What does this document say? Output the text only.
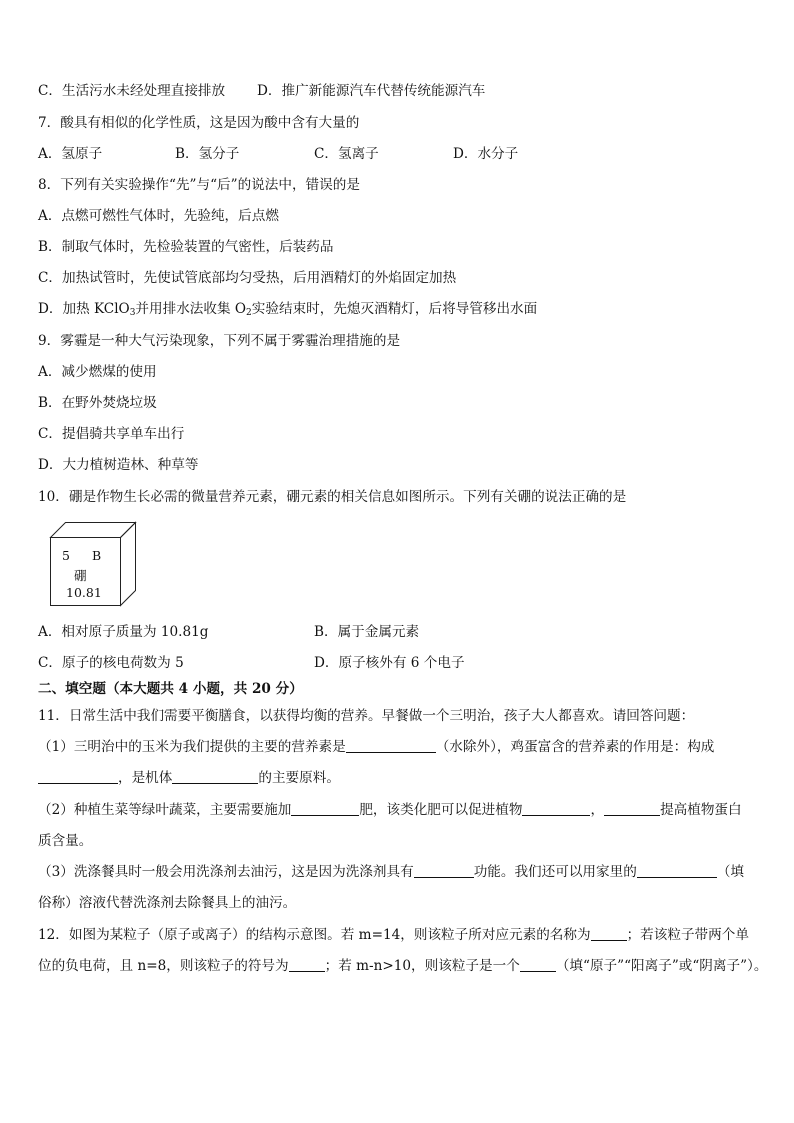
C．生活污水未经处理直接排放 D．推广新能源汽车代替传统能源汽车
7．酸具有相似的化学性质，这是因为酸中含有大量的
A．氢原子	B．氢分子	C．氢离子	D．水分子
8．下列有关实验操作“先”与“后”的说法中，错误的是
A．点燃可燃性气体时，先验纯，后点燃
B．制取气体时，先检验装置的气密性，后装药品
C．加热试管时，先使试管底部均匀受热，后用酒精灯的外焰固定加热
D．加热 KClO$_3$并用排水法收集 $O_2$实验结束时，先熄灭酒精灯，后将导管移出水面
9．雾霾是一种大气污染现象，下列不属于雾霾治理措施的是
A．减少燃煤的使用
B．在野外焚烧垃圾
C．提倡骑共享单车出行
D．大力植树造林、种草等
10．硼是作物生长必需的微量营养元素，硼元素的相关信息如图所示。下列有关硼的说法正确的是
5 B
硼
10.81
A．相对原子质量为 10.81g	B．属于金属元素
C．原子的核电荷数为 5	D．原子核外有 6 个电子
二、填空题（本大题共 4 小题，共 20 分）
11．日常生活中我们需要平衡膳食，以获得均衡的营养。早餐做一个三明治，孩子大人都喜欢。请回答问题：
（1）三明治中的玉米为我们提供的主要的营养素是	（水除外），鸡蛋富含的营养素的作用是：构成
，是机体	的主要原料。
（2）种植生菜等绿叶蔬菜，主要需要施加	肥，该类化肥可以促进植物	，	提高植物蛋白
质含量。
（3）洗涤餐具时一般会用洗涤剂去油污，这是因为洗涤剂具有	功能。我们还可以用家里的	（填
俗称）溶液代替洗涤剂去除餐具上的油污。
12．如图为某粒子（原子或离子）的结构示意图。若 m=14，则该粒子所对应元素的名称为	；若该粒子带两个单
位的负电荷，且 n=8，则该粒子的符号为	；若 m-n>10，则该粒子是一个	（填“原子”“阳离子”或“阴离子”）。
